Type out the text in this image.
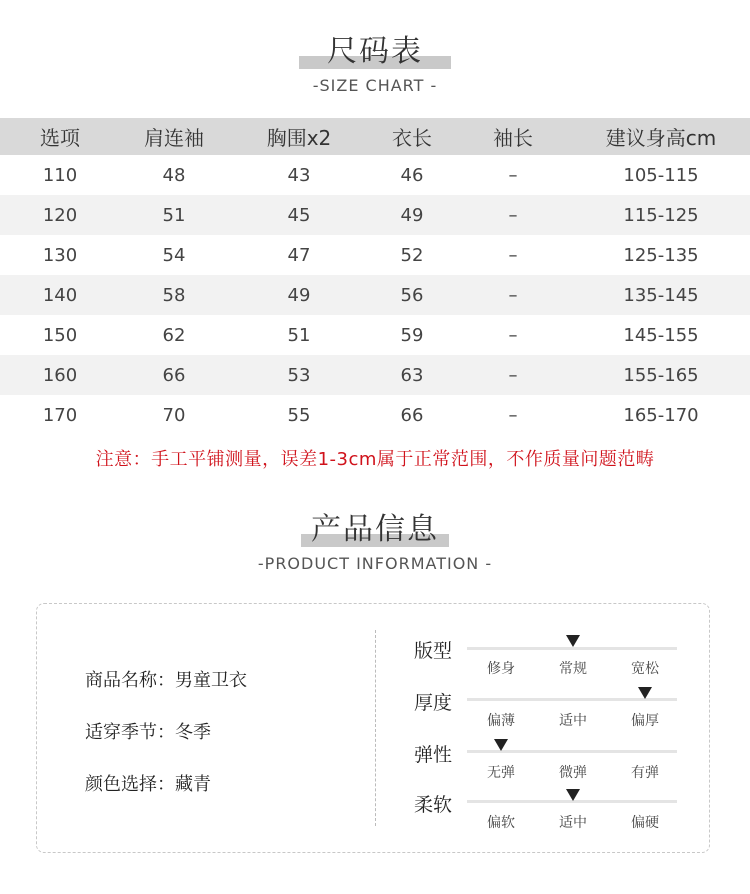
尺码表
-SIZE CHART -
选项	肩连袖	胸围x2	衣长	袖长	建议身高cm
110	48	43	46	–	105-115
120	51	45	49	–	115-125
130	54	47	52	–	125-135
140	58	49	56	–	135-145
150	62	51	59	–	145-155
160	66	53	63	–	155-165
170	70	55	66	–	165-170
注意：手工平铺测量，误差1-3cm属于正常范围，不作质量问题范畴
产品信息
-PRODUCT INFORMATION -
商品名称：男童卫衣
适穿季节：冬季
颜色选择：藏青
版型
修身	常规	宽松
厚度
偏薄	适中	偏厚
弹性
无弹	微弹	有弹
柔软
偏软	适中	偏硬
